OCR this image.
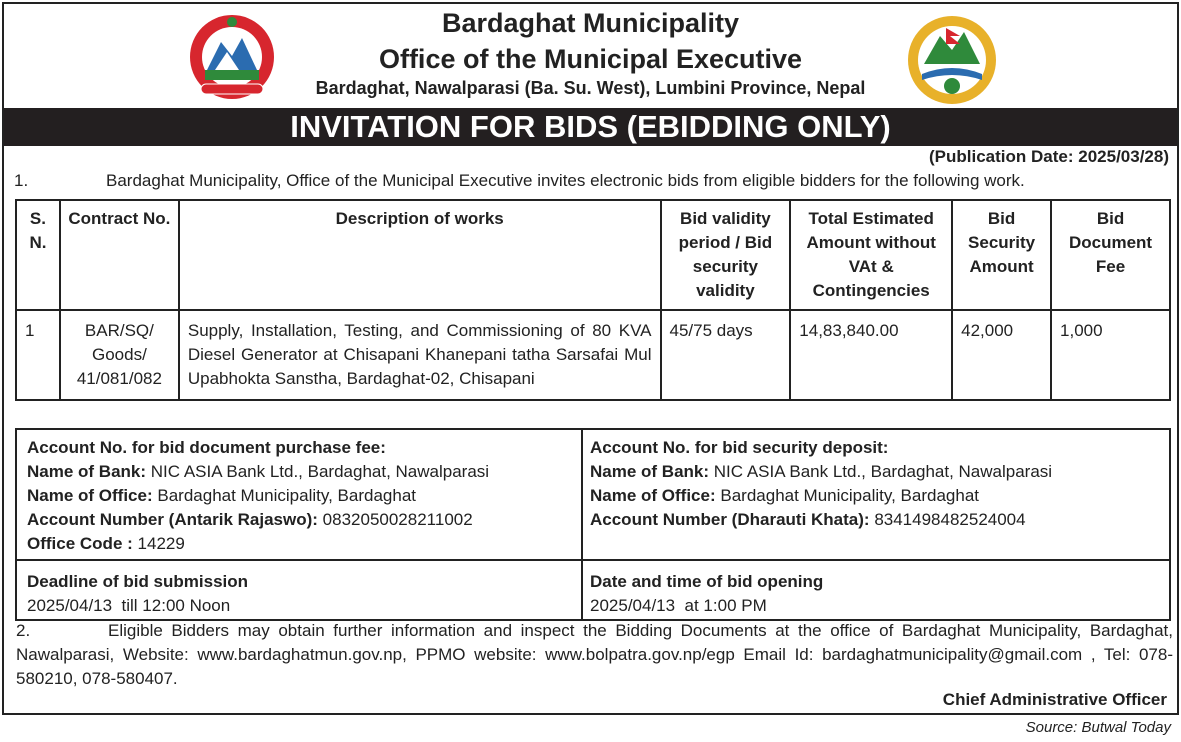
Bardaghat Municipality
Office of the Municipal Executive
Bardaghat, Nawalparasi (Ba. Su. West), Lumbini Province, Nepal
INVITATION FOR BIDS (EBIDDING ONLY)
(Publication Date: 2025/03/28)
1.	Bardaghat Municipality, Office of the Municipal Executive invites electronic bids from eligible bidders for the following work.
S. N.	Contract No.	Description of works	Bid validity period / Bid security validity	Total Estimated Amount without VAt & Contingencies	Bid Security Amount	Bid Document Fee
1	BAR/SQ/ Goods/ 41/081/082	Supply, Installation, Testing, and Commissioning of 80 KVA Diesel Generator at Chisapani Khanepani tatha Sarsafai Mul Upabhokta Sanstha, Bardaghat-02, Chisapani	45/75 days	14,83,840.00	42,000	1,000
Account No. for bid document purchase fee:
Name of Bank: NIC ASIA Bank Ltd., Bardaghat, Nawalparasi
Name of Office: Bardaghat Municipality, Bardaghat
Account Number (Antarik Rajaswo): 0832050028211002
Office Code : 14229
Account No. for bid security deposit:
Name of Bank: NIC ASIA Bank Ltd., Bardaghat, Nawalparasi
Name of Office: Bardaghat Municipality, Bardaghat
Account Number (Dharauti Khata): 8341498482524004
Deadline of bid submission
2025/04/13  till 12:00 Noon
Date and time of bid opening
2025/04/13  at 1:00 PM
2.	Eligible Bidders may obtain further information and inspect the Bidding Documents at the office of Bardaghat Municipality, Bardaghat, Nawalparasi, Website: www.bardaghatmun.gov.np, PPMO website: www.bolpatra.gov.np/egp Email Id: bardaghatmunicipality@gmail.com , Tel: 078-580210, 078-580407.
Chief Administrative Officer
Source: Butwal Today
